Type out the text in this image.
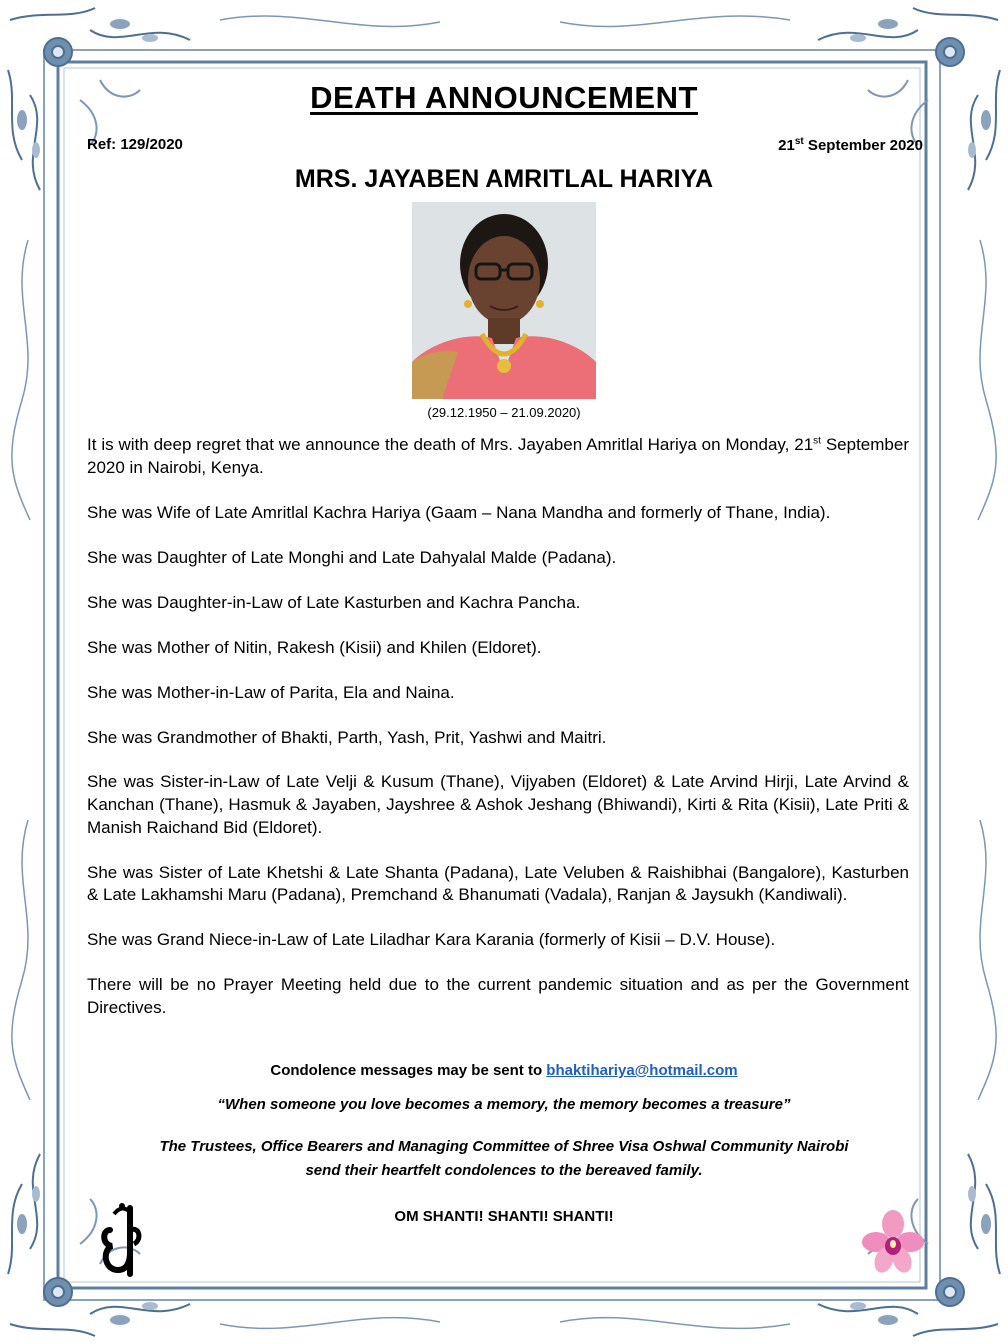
DEATH ANNOUNCEMENT
Ref: 129/2020	21st September 2020
MRS. JAYABEN AMRITLAL HARIYA
(29.12.1950 – 21.09.2020)

It is with deep regret that we announce the death of Mrs. Jayaben Amritlal Hariya on Monday, 21st September 2020 in Nairobi, Kenya.

She was Wife of Late Amritlal Kachra Hariya (Gaam – Nana Mandha and formerly of Thane, India).

She was Daughter of Late Monghi and Late Dahyalal Malde (Padana).

She was Daughter-in-Law of Late Kasturben and Kachra Pancha.

She was Mother of Nitin, Rakesh (Kisii) and Khilen (Eldoret).

She was Mother-in-Law of Parita, Ela and Naina.

She was Grandmother of Bhakti, Parth, Yash, Prit, Yashwi and Maitri.

She was Sister-in-Law of Late Velji & Kusum (Thane), Vijyaben (Eldoret) & Late Arvind Hirji, Late Arvind & Kanchan (Thane), Hasmuk & Jayaben, Jayshree & Ashok Jeshang (Bhiwandi), Kirti & Rita (Kisii), Late Priti & Manish Raichand Bid (Eldoret).

She was Sister of Late Khetshi & Late Shanta (Padana), Late Veluben & Raishibhai (Bangalore), Kasturben & Late Lakhamshi Maru (Padana), Premchand & Bhanumati (Vadala), Ranjan & Jaysukh (Kandiwali).

She was Grand Niece-in-Law of Late Liladhar Kara Karania (formerly of Kisii – D.V. House).

There will be no Prayer Meeting held due to the current pandemic situation and as per the Government Directives.

Condolence messages may be sent to bhaktihariya@hotmail.com
“When someone you love becomes a memory, the memory becomes a treasure”
The Trustees, Office Bearers and Managing Committee of Shree Visa Oshwal Community Nairobi
send their heartfelt condolences to the bereaved family.
OM SHANTI! SHANTI! SHANTI!
